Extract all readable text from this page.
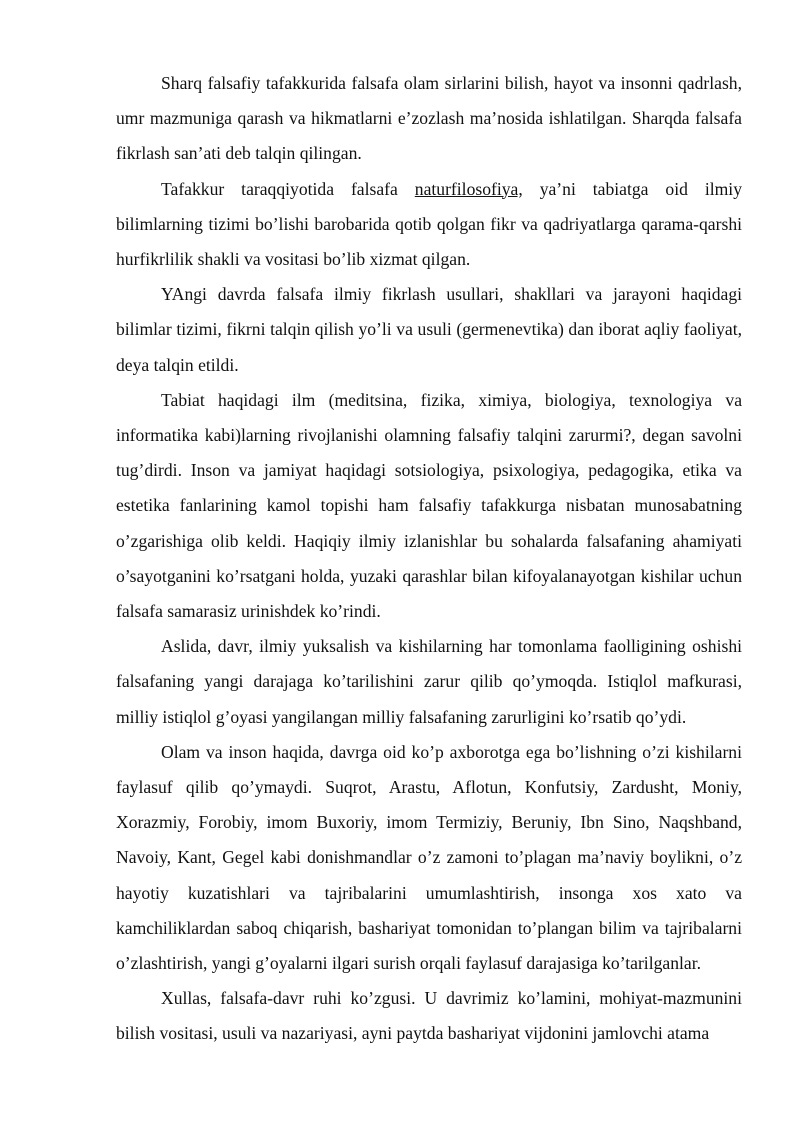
Sharq falsafiy tafakkurida falsafa olam sirlarini bilish, hayot va insonni qadrlash, umr mazmuniga qarash va hikmatlarni e’zozlash ma’nosida ishlatilgan. Sharqda falsafa fikrlash san’ati deb talqin qilingan.

Tafakkur taraqqiyotida falsafa naturfilosofiya, ya’ni tabiatga oid ilmiy bilimlarning tizimi bo’lishi barobarida qotib qolgan fikr va qadriyatlarga qarama-qarshi hurfikrlilik shakli va vositasi bo’lib xizmat qilgan.

YAngi davrda falsafa ilmiy fikrlash usullari, shakllari va jarayoni haqidagi bilimlar tizimi, fikrni talqin qilish yo’li va usuli (germenevtika) dan iborat aqliy faoliyat, deya talqin etildi.

Tabiat haqidagi ilm (meditsina, fizika, ximiya, biologiya, texnologiya va informatika kabi)larning rivojlanishi olamning falsafiy talqini zarurmi?, degan savolni tug’dirdi. Inson va jamiyat haqidagi sotsiologiya, psixologiya, pedagogika, etika va estetika fanlarining kamol topishi ham falsafiy tafakkurga nisbatan munosabatning o’zgarishiga olib keldi. Haqiqiy ilmiy izlanishlar bu sohalarda falsafaning ahamiyati o’sayotganini ko’rsatgani holda, yuzaki qarashlar bilan kifoyalanayotgan kishilar uchun falsafa samarasiz urinishdek ko’rindi.

Aslida, davr, ilmiy yuksalish va kishilarning har tomonlama faolligining oshishi falsafaning yangi darajaga ko’tarilishini zarur qilib qo’ymoqda. Istiqlol mafkurasi, milliy istiqlol g’oyasi yangilangan milliy falsafaning zarurligini ko’rsatib qo’ydi.

Olam va inson haqida, davrga oid ko’p axborotga ega bo’lishning o’zi kishilarni faylasuf qilib qo’ymaydi. Suqrot, Arastu, Aflotun, Konfutsiy, Zardusht, Moniy, Xorazmiy, Forobiy, imom Buxoriy, imom Termiziy, Beruniy, Ibn Sino, Naqshband, Navoiy, Kant, Gegel kabi donishmandlar o’z zamoni to’plagan ma’naviy boylikni, o’z hayotiy kuzatishlari va tajribalarini umumlashtirish, insonga xos xato va kamchiliklardan saboq chiqarish, bashariyat tomonidan to’plangan bilim va tajribalarni o’zlashtirish, yangi g’oyalarni ilgari surish orqali faylasuf darajasiga ko’tarilganlar.

Xullas, falsafa-davr ruhi ko’zgusi. U davrimiz ko’lamini, mohiyat-mazmunini bilish vositasi, usuli va nazariyasi, ayni paytda bashariyat vijdonini jamlovchi atama
